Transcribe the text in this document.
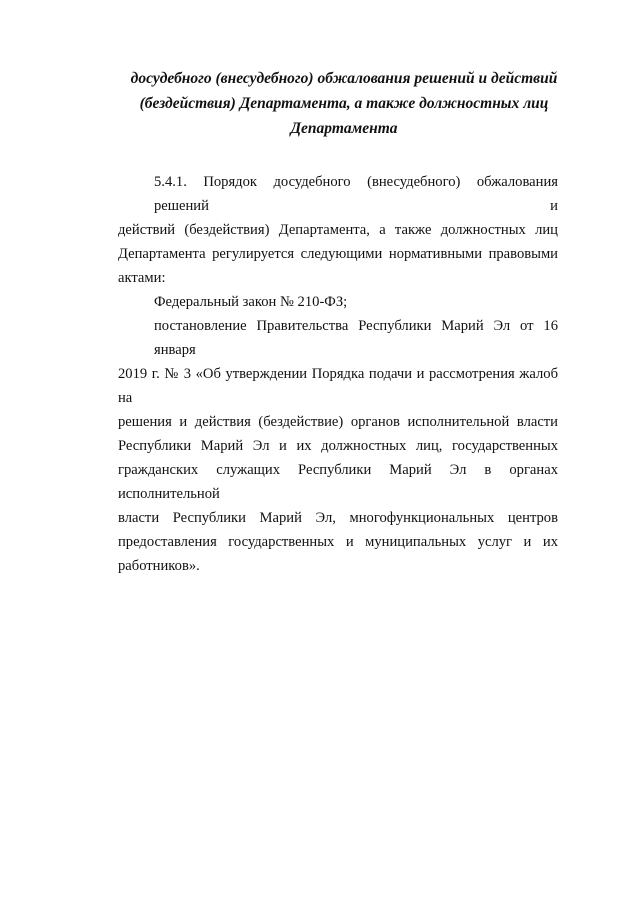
досудебного (внесудебного) обжалования решений и действий
(бездействия) Департамента, а также должностных лиц
Департамента
5.4.1. Порядок досудебного (внесудебного) обжалования решений и
действий (бездействия) Департамента, а также должностных лиц
Департамента регулируется следующими нормативными правовыми
актами:
Федеральный закон № 210-ФЗ;
постановление Правительства Республики Марий Эл от 16 января
2019 г. № 3 «Об утверждении Порядка подачи и рассмотрения жалоб на
решения и действия (бездействие) органов исполнительной власти
Республики Марий Эл и их должностных лиц, государственных
гражданских служащих Республики Марий Эл в органах исполнительной
власти Республики Марий Эл, многофункциональных центров
предоставления государственных и муниципальных услуг и их
работников».
